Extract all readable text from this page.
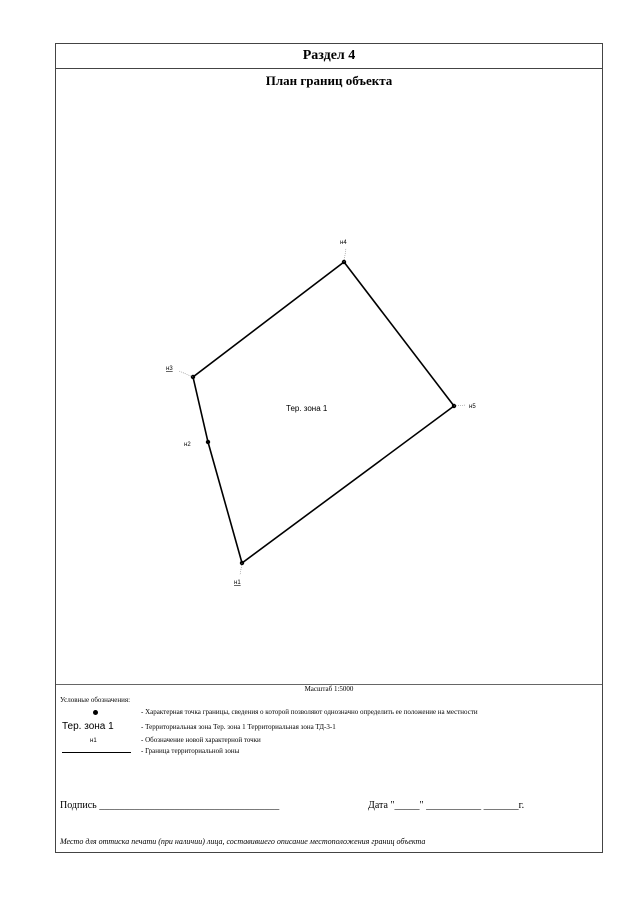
Раздел 4
План границ объекта
н1
н2
н3
н4
н5
Тер. зона 1
Масштаб 1:5000
Условные обозначения:
- Характерная точка границы, сведения о которой позволяют однозначно определить ее положение на местности
Тер. зона 1	- Территориальная зона Тер. зона 1 Территориальная зона ТД-3-1
н1	- Обозначение новой характерной точки
- Граница территориальной зоны
Подпись ____________________________________	Дата "_____" ___________ _______г.
Место для оттиска печати (при наличии) лица, составившего описание местоположения границ объекта
